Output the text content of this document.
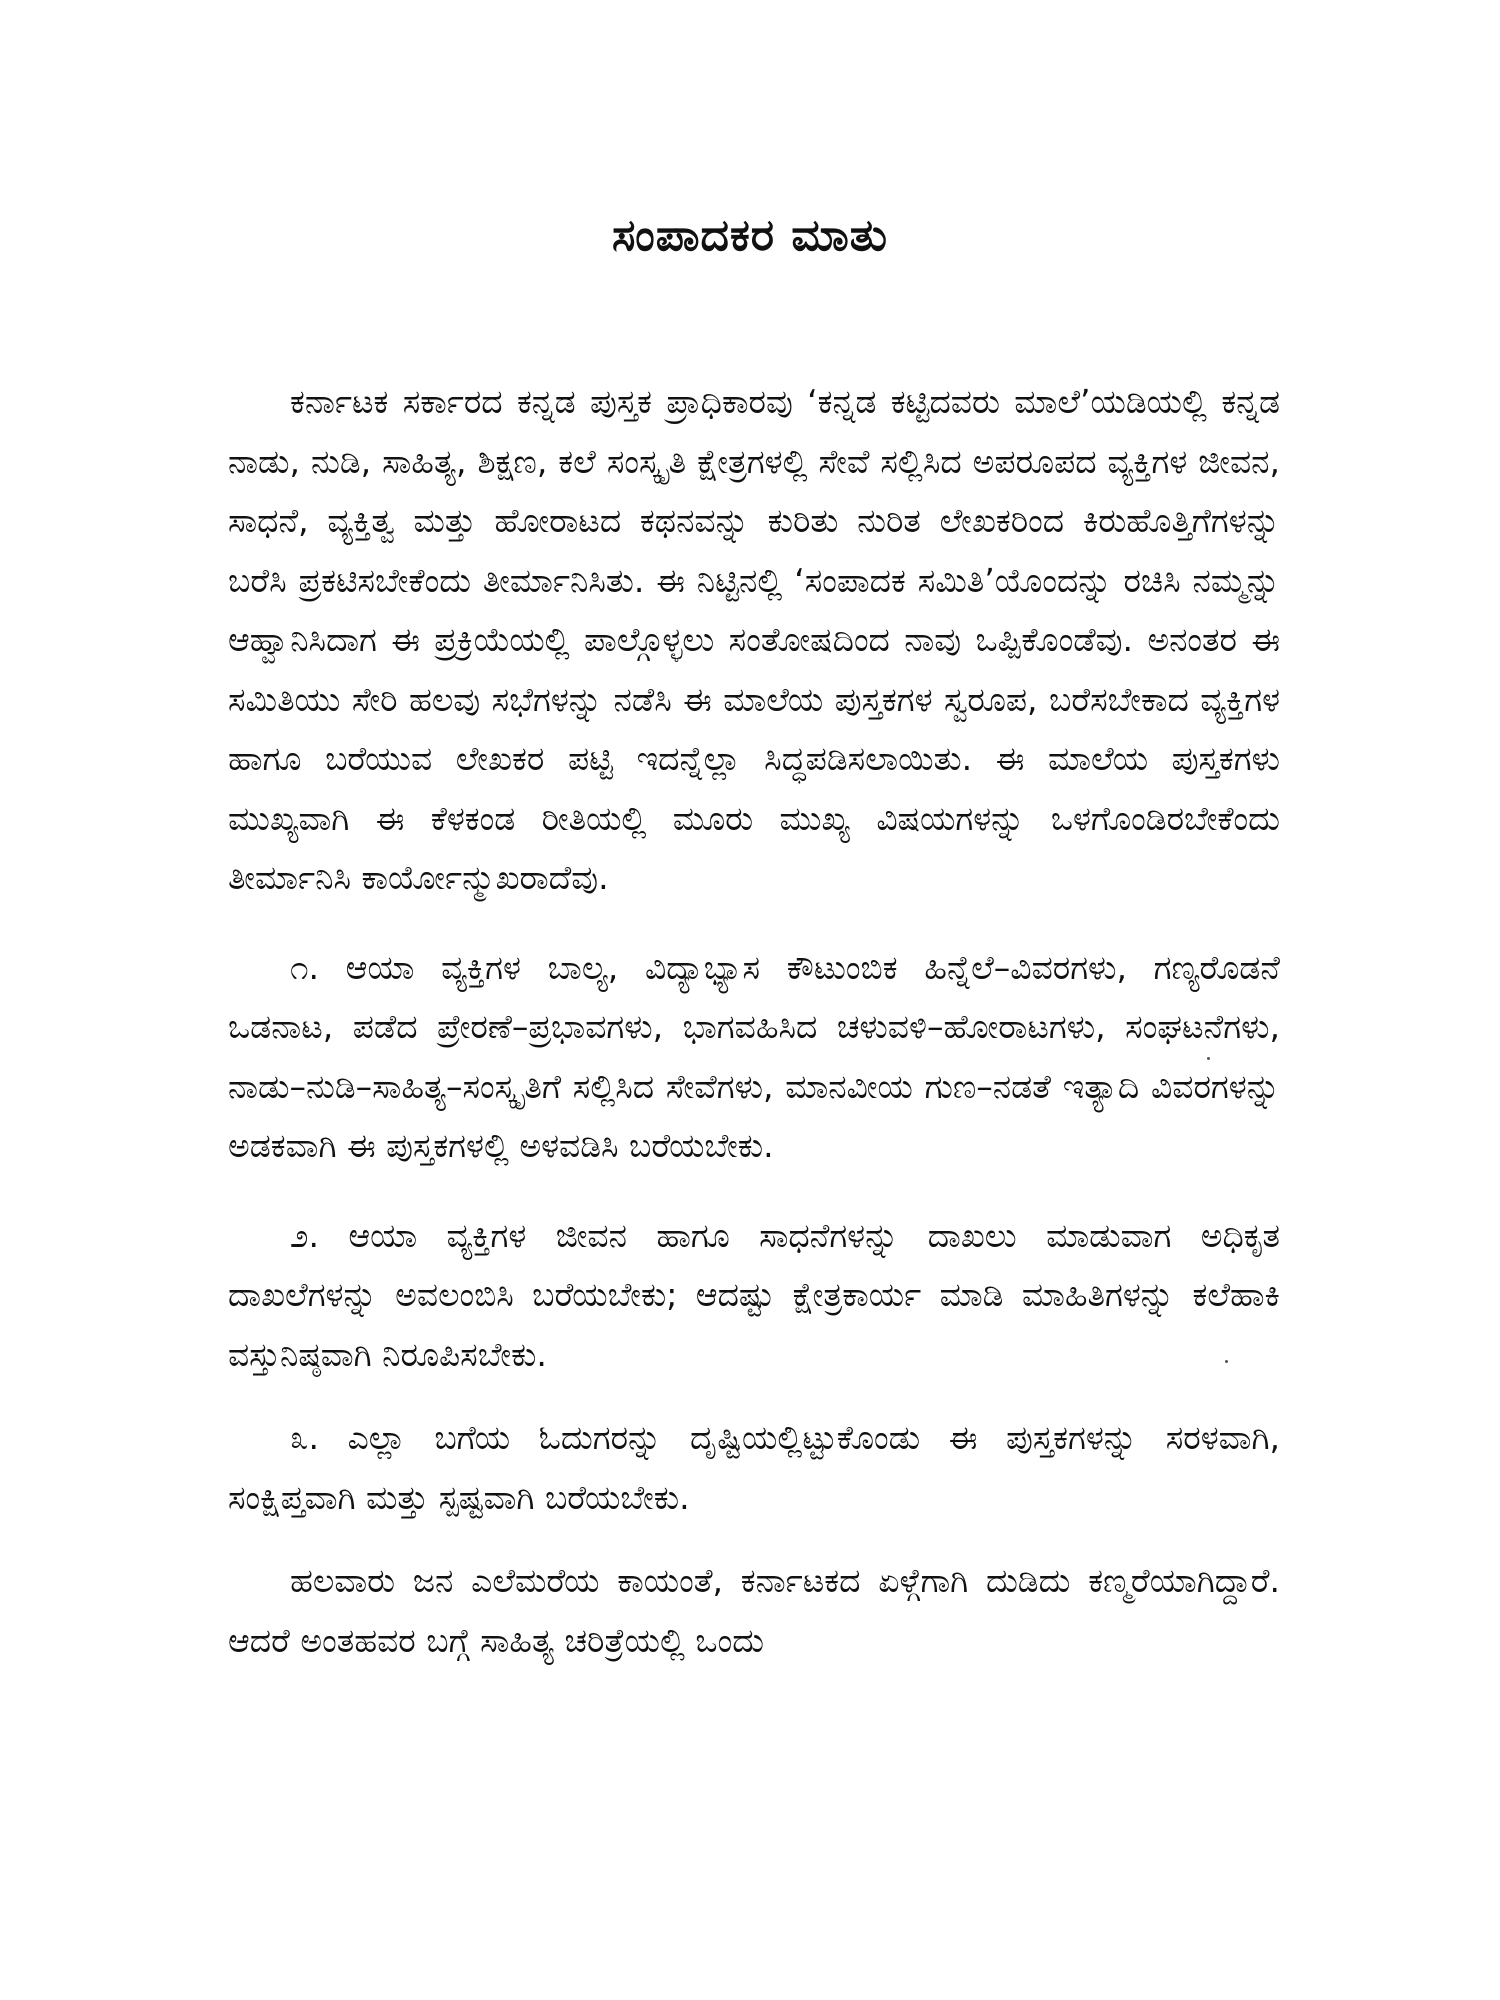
ಸಂಪಾದಕರ ಮಾತು

ಕರ್ನಾಟಕ ಸರ್ಕಾರದ ಕನ್ನಡ ಪುಸ್ತಕ ಪ್ರಾಧಿಕಾರವು ‘ಕನ್ನಡ ಕಟ್ಟಿದವರು ಮಾಲೆ’ಯಡಿಯಲ್ಲಿ ಕನ್ನಡ ನಾಡು, ನುಡಿ, ಸಾಹಿತ್ಯ, ಶಿಕ್ಷಣ, ಕಲೆ ಸಂಸ್ಕೃತಿ ಕ್ಷೇತ್ರಗಳಲ್ಲಿ ಸೇವೆ ಸಲ್ಲಿಸಿದ ಅಪರೂಪದ ವ್ಯಕ್ತಿಗಳ ಜೀವನ, ಸಾಧನೆ, ವ್ಯಕ್ತಿತ್ವ ಮತ್ತು ಹೋರಾಟದ ಕಥನವನ್ನು ಕುರಿತು ನುರಿತ ಲೇಖಕರಿಂದ ಕಿರುಹೊತ್ತಿಗೆಗಳನ್ನು ಬರೆಸಿ ಪ್ರಕಟಿಸಬೇಕೆಂದು ತೀರ್ಮಾನಿಸಿತು. ಈ ನಿಟ್ಟಿನಲ್ಲಿ ‘ಸಂಪಾದಕ ಸಮಿತಿ’ಯೊಂದನ್ನು ರಚಿಸಿ ನಮ್ಮನ್ನು ಆಹ್ವಾನಿಸಿದಾಗ ಈ ಪ್ರಕ್ರಿಯೆಯಲ್ಲಿ ಪಾಲ್ಗೊಳ್ಳಲು ಸಂತೋಷದಿಂದ ನಾವು ಒಪ್ಪಿಕೊಂಡೆವು. ಅನಂತರ ಈ ಸಮಿತಿಯು ಸೇರಿ ಹಲವು ಸಭೆಗಳನ್ನು ನಡೆಸಿ ಈ ಮಾಲೆಯ ಪುಸ್ತಕಗಳ ಸ್ವರೂಪ, ಬರೆಸಬೇಕಾದ ವ್ಯಕ್ತಿಗಳ ಹಾಗೂ ಬರೆಯುವ ಲೇಖಕರ ಪಟ್ಟಿ ಇದನ್ನೆಲ್ಲಾ ಸಿದ್ಧಪಡಿಸಲಾಯಿತು. ಈ ಮಾಲೆಯ ಪುಸ್ತಕಗಳು ಮುಖ್ಯವಾಗಿ ಈ ಕೆಳಕಂಡ ರೀತಿಯಲ್ಲಿ ಮೂರು ಮುಖ್ಯ ವಿಷಯಗಳನ್ನು ಒಳಗೊಂಡಿರಬೇಕೆಂದು ತೀರ್ಮಾನಿಸಿ ಕಾರ್ಯೋನ್ಮುಖರಾದೆವು.

೧. ಆಯಾ ವ್ಯಕ್ತಿಗಳ ಬಾಲ್ಯ, ವಿದ್ಯಾಭ್ಯಾಸ ಕೌಟುಂಬಿಕ ಹಿನ್ನೆಲೆ–ವಿವರಗಳು, ಗಣ್ಯರೊಡನೆ ಒಡನಾಟ, ಪಡೆದ ಪ್ರೇರಣೆ–ಪ್ರಭಾವಗಳು, ಭಾಗವಹಿಸಿದ ಚಳುವಳಿ–ಹೋರಾಟಗಳು, ಸಂಘಟನೆಗಳು, ನಾಡು–ನುಡಿ–ಸಾಹಿತ್ಯ–ಸಂಸ್ಕೃತಿಗೆ ಸಲ್ಲಿಸಿದ ಸೇವೆಗಳು, ಮಾನವೀಯ ಗುಣ–ನಡತೆ ಇತ್ಯಾದಿ ವಿವರಗಳನ್ನು ಅಡಕವಾಗಿ ಈ ಪುಸ್ತಕಗಳಲ್ಲಿ ಅಳವಡಿಸಿ ಬರೆಯಬೇಕು.

೨. ಆಯಾ ವ್ಯಕ್ತಿಗಳ ಜೀವನ ಹಾಗೂ ಸಾಧನೆಗಳನ್ನು ದಾಖಲು ಮಾಡುವಾಗ ಅಧಿಕೃತ ದಾಖಲೆಗಳನ್ನು ಅವಲಂಬಿಸಿ ಬರೆಯಬೇಕು; ಆದಷ್ಟು ಕ್ಷೇತ್ರಕಾರ್ಯ ಮಾಡಿ ಮಾಹಿತಿಗಳನ್ನು ಕಲೆಹಾಕಿ ವಸ್ತುನಿಷ್ಠವಾಗಿ ನಿರೂಪಿಸಬೇಕು.

೩. ಎಲ್ಲಾ ಬಗೆಯ ಓದುಗರನ್ನು ದೃಷ್ಟಿಯಲ್ಲಿಟ್ಟುಕೊಂಡು ಈ ಪುಸ್ತಕಗಳನ್ನು ಸರಳವಾಗಿ, ಸಂಕ್ಷಿಪ್ತವಾಗಿ ಮತ್ತು ಸ್ಪಷ್ಟವಾಗಿ ಬರೆಯಬೇಕು.

ಹಲವಾರು ಜನ ಎಲೆಮರೆಯ ಕಾಯಂತೆ, ಕರ್ನಾಟಕದ ಏಳ್ಗೆಗಾಗಿ ದುಡಿದು ಕಣ್ಮರೆಯಾಗಿದ್ದಾರೆ. ಆದರೆ ಅಂತಹವರ ಬಗ್ಗೆ ಸಾಹಿತ್ಯ ಚರಿತ್ರೆಯಲ್ಲಿ ಒಂದು
